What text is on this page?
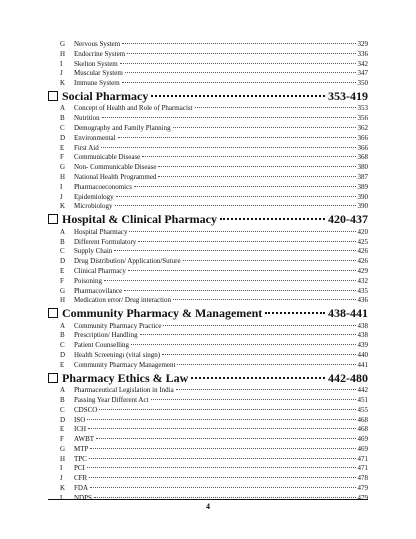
G	Nervous System	329
H	Endocrine System	336
I	Skelton System	342
J	Muscular System	347
K	Immune System	350
Social Pharmacy	353-419
A	Concept of Health and Role of Pharmacist	353
B	Nutrition	356
C	Demography and Family Planning	362
D	Environmental	366
E	First Aid	366
F	Communicable Disease	368
G	Non- Communicable Disease	380
H	National Health Programmed	387
I	Pharmacoeconomics	389
J	Epidemiology	390
K	Microbiology	390
Hospital & Clinical Pharmacy	420-437
A	Hospital Pharmacy	420
B	Different Formulatory	425
C	Supply Chain	426
D	Drug Distribution/ Application/Suture	426
E	Clinical Pharmacy	429
F	Poisoning	432
G	Pharmacovilance	435
H	Medication error/ Drug interaction	436
Community Pharmacy & Management	438-441
A	Community Pharmacy Practice	438
B	Prescription/ Handling	438
C	Patient Counselling	439
D	Health Screeningı (vital singn)	440
E	Community Pharmacy Management	441
Pharmacy Ethics & Law	442-480
A	Pharmaceutical Legislation in India	442
B	Passing Year Different Act	451
C	CDSCO	455
D	ISO	468
E	ICH	468
F	AWBT	469
G	MTP	469
H	TPC	471
I	PCI	471
J	CFR	478
K	FDA	479
L	NDPS	479
4
